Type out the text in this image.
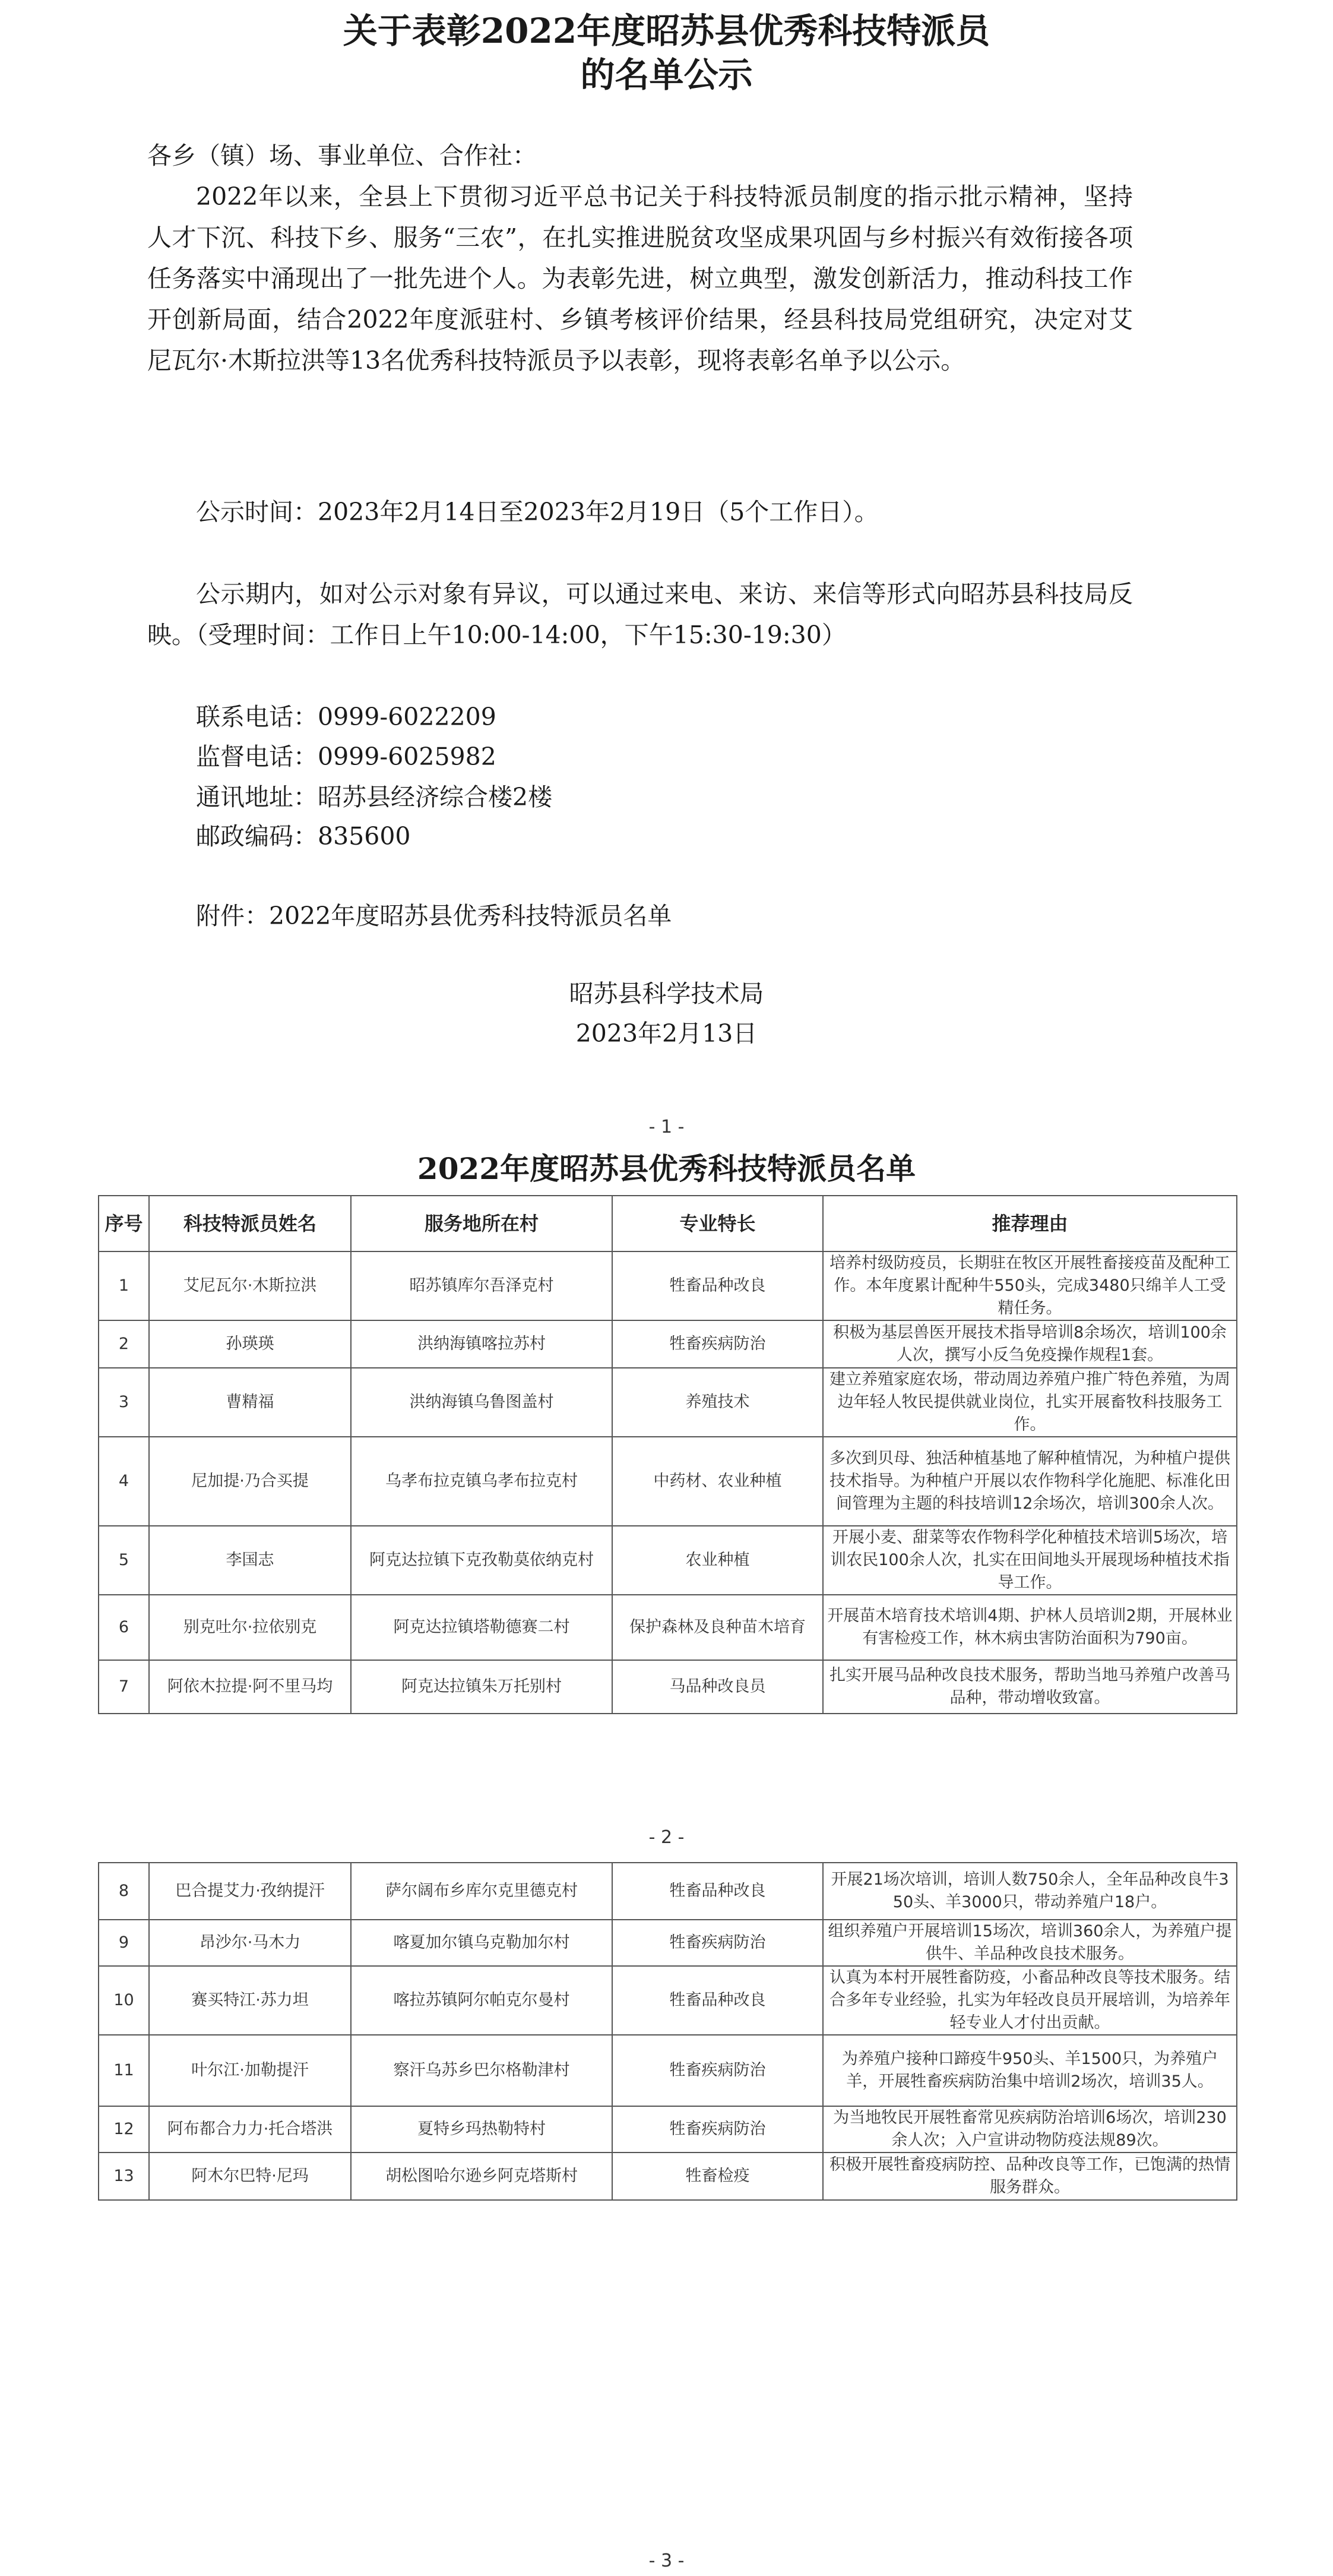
关于表彰2022年度昭苏县优秀科技特派员
的名单公示
各乡（镇）场、事业单位、合作社：
2022年以来，全县上下贯彻习近平总书记关于科技特派员制度的指示批示精神，坚持人才下沉、科技下乡、服务“三农”，在扎实推进脱贫攻坚成果巩固与乡村振兴有效衔接各项任务落实中涌现出了一批先进个人。为表彰先进，树立典型，激发创新活力，推动科技工作开创新局面，结合2022年度派驻村、乡镇考核评价结果，经县科技局党组研究，决定对艾尼瓦尔·木斯拉洪等13名优秀科技特派员予以表彰，现将表彰名单予以公示。
公示时间：2023年2月14日至2023年2月19日（5个工作日）。
公示期内，如对公示对象有异议，可以通过来电、来访、来信等形式向昭苏县科技局反映。（受理时间：工作日上午10:00-14:00，下午15:30-19:30）
联系电话：0999-6022209
监督电话：0999-6025982
通讯地址：昭苏县经济综合楼2楼
邮政编码：835600
附件：2022年度昭苏县优秀科技特派员名单
昭苏县科学技术局
2023年2月13日
- 1 -
2022年度昭苏县优秀科技特派员名单
序号	科技特派员姓名	服务地所在村	专业特长	推荐理由
1	艾尼瓦尔·木斯拉洪	昭苏镇库尔吾泽克村	牲畜品种改良	培养村级防疫员，长期驻在牧区开展牲畜接疫苗及配种工作。本年度累计配种牛550头，完成3480只绵羊人工受精任务。
2	孙瑛瑛	洪纳海镇喀拉苏村	牲畜疾病防治	积极为基层兽医开展技术指导培训8余场次，培训100余人次，撰写小反刍免疫操作规程1套。
3	曹精福	洪纳海镇乌鲁图盖村	养殖技术	建立养殖家庭农场，带动周边养殖户推广特色养殖，为周边年轻人牧民提供就业岗位，扎实开展畜牧科技服务工作。
4	尼加提·乃合买提	乌孝布拉克镇乌孝布拉克村	中药材、农业种植	多次到贝母、独活种植基地了解种植情况，为种植户提供技术指导。为种植户开展以农作物科学化施肥、标准化田间管理为主题的科技培训12余场次，培训300余人次。
5	李国志	阿克达拉镇下克孜勒莫依纳克村	农业种植	开展小麦、甜菜等农作物科学化种植技术培训5场次，培训农民100余人次，扎实在田间地头开展现场种植技术指导工作。
6	别克吐尔·拉依别克	阿克达拉镇塔勒德赛二村	保护森林及良种苗木培育	开展苗木培育技术培训4期、护林人员培训2期，开展林业有害检疫工作，林木病虫害防治面积为790亩。
7	阿依木拉提·阿不里马均	阿克达拉镇朱万托别村	马品种改良员	扎实开展马品种改良技术服务，帮助当地马养殖户改善马品种，带动增收致富。
- 2 -
8	巴合提艾力·孜纳提汗	萨尔阔布乡库尔克里德克村	牲畜品种改良	开展21场次培训，培训人数750余人，全年品种改良牛350头、羊3000只，带动养殖户18户。
9	昂沙尔·马木力	喀夏加尔镇乌克勒加尔村	牲畜疾病防治	组织养殖户开展培训15场次，培训360余人，为养殖户提供牛、羊品种改良技术服务。
10	赛买特江·苏力坦	喀拉苏镇阿尔帕克尔曼村	牲畜品种改良	认真为本村开展牲畜防疫，小畜品种改良等技术服务。结合多年专业经验，扎实为年轻改良员开展培训，为培养年轻专业人才付出贡献。
11	叶尔江·加勒提汗	察汗乌苏乡巴尔格勒津村	牲畜疾病防治	为养殖户接种口蹄疫牛950头、羊1500只，为养殖户羊，开展牲畜疾病防治集中培训2场次，培训35人。
12	阿布都合力力·托合塔洪	夏特乡玛热勒特村	牲畜疾病防治	为当地牧民开展牲畜常见疾病防治培训6场次，培训230余人次；入户宣讲动物防疫法规89次。
13	阿木尔巴特·尼玛	胡松图哈尔逊乡阿克塔斯村	牲畜检疫	积极开展牲畜疫病防控、品种改良等工作，已饱满的热情服务群众。
- 3 -
